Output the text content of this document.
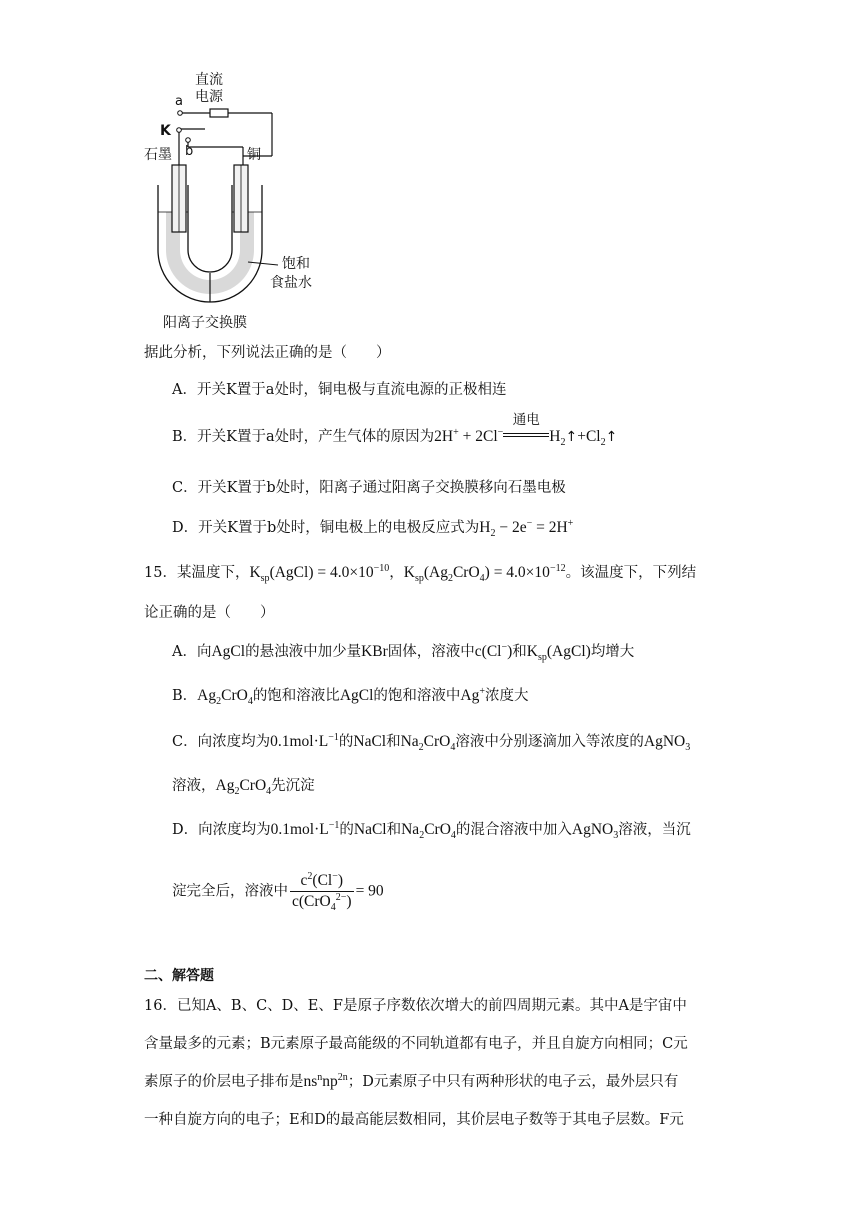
直流
电源
a
K
b
石墨	铜
阳离子交换膜
饱和
食盐水
据此分析，下列说法正确的是（　　）
A．开关K置于a处时，铜电极与直流电源的正极相连
B．开关K置于a处时，产生气体的原因为2H+ + 2Cl−
通电
$H_2↑+Cl_2↑$
C．开关K置于b处时，阳离子通过阳离子交换膜移向石墨电极
D．开关K置于b处时，铜电极上的电极反应式为$H_2 - 2e^- = 2H^+$
15．某温度下，$K_{sp}(AgCl) = 4.0\times 10^{-10}$，$K_{sp}(Ag_2CrO_4) = 4.0\times 10^{-12}$。该温度下，下列结
论正确的是（　　）
A．向AgCl的悬浊液中加少量KBr固体，溶液中c(Cl−)和$K_{sp}(AgCl)$均增大
B．$Ag_2CrO_4$的饱和溶液比AgCl的饱和溶液中Ag+浓度大
C．向浓度均为$0.1mol\cdot L^{-1}$的NaCl和$Na_2CrO_4$溶液中分别逐滴加入等浓度的AgNO$_3$
溶液，$Ag_2CrO_4$先沉淀
D．向浓度均为$0.1mol\cdot L^{-1}$的NaCl和$Na_2CrO_4$的混合溶液中加入AgNO$_3$溶液，当沉
淀完全后，溶液中 $\frac{c^2(Cl^-)}{c(CrO_4^{2-})} = 90$
二、解答题
16．已知A、B、C、D、E、F是原子序数依次增大的前四周期元素。其中A是宇宙中
含量最多的元素；B元素原子最高能级的不同轨道都有电子，并且自旋方向相同；C元
素原子的价层电子排布是$ns^nnp^{2n}$；D元素原子中只有两种形状的电子云，最外层只有
一种自旋方向的电子；E和D的最高能层数相同，其价层电子数等于其电子层数。F元
